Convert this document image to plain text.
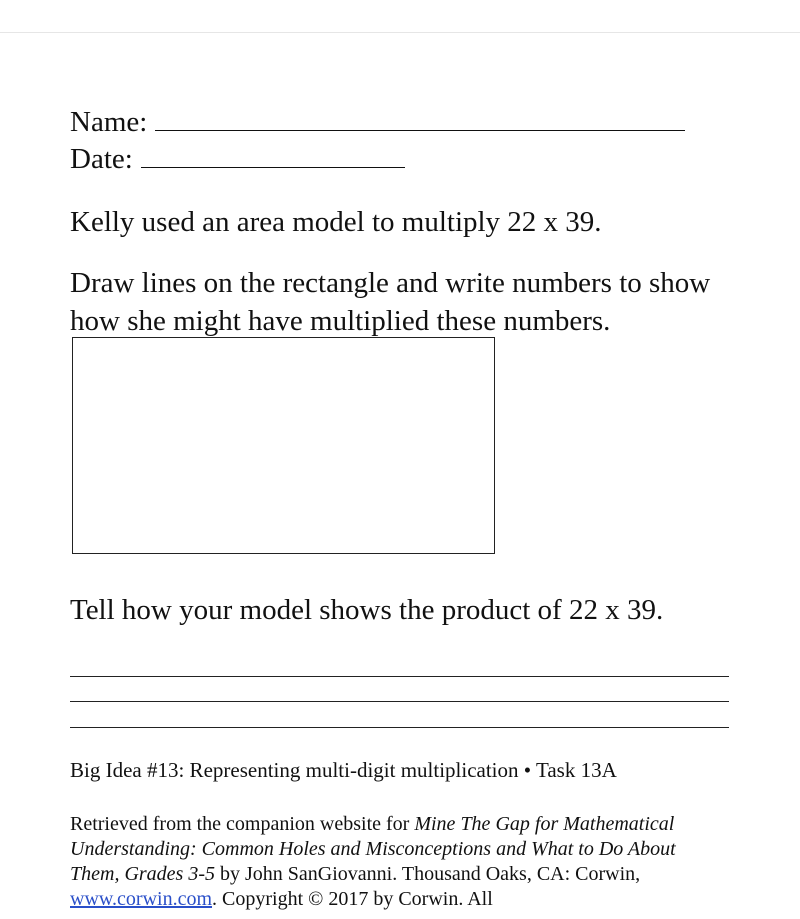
Name:
Date:
Kelly used an area model to multiply 22 x 39.
Draw lines on the rectangle and write numbers to show how she might have multiplied these numbers.
Tell how your model shows the product of 22 x 39.
Big Idea #13: Representing multi-digit multiplication • Task 13A
Retrieved from the companion website for Mine The Gap for Mathematical Understanding: Common Holes and Misconceptions and What to Do About Them, Grades 3-5 by John SanGiovanni. Thousand Oaks, CA: Corwin, www.corwin.com. Copyright © 2017 by Corwin. All
